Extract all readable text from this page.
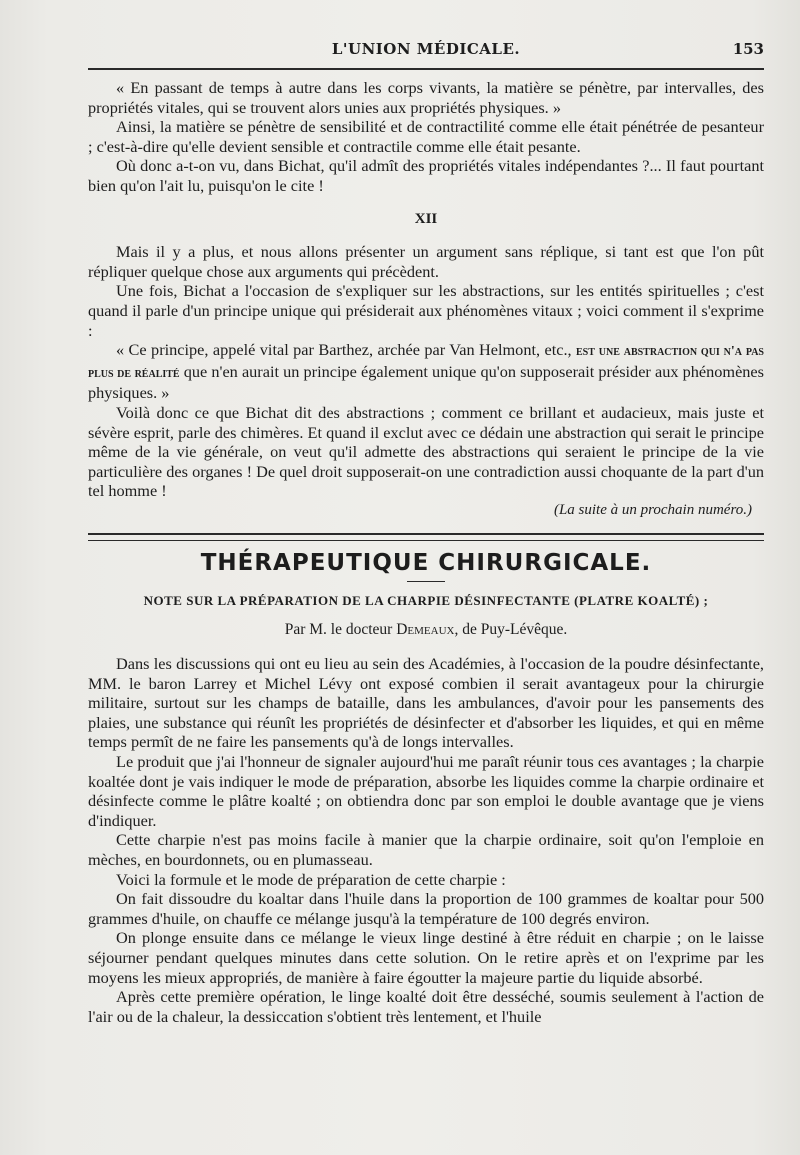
L'UNION MÉDICALE.	153

« En passant de temps à autre dans les corps vivants, la matière se pénètre, par intervalles, des propriétés vitales, qui se trouvent alors unies aux propriétés physiques. »

Ainsi, la matière se pénètre de sensibilité et de contractilité comme elle était pénétrée de pesanteur ; c'est-à-dire qu'elle devient sensible et contractile comme elle était pesante.

Où donc a-t-on vu, dans Bichat, qu'il admît des propriétés vitales indépendantes ?... Il faut pourtant bien qu'on l'ait lu, puisqu'on le cite !

XII

Mais il y a plus, et nous allons présenter un argument sans réplique, si tant est que l'on pût répliquer quelque chose aux arguments qui précèdent.

Une fois, Bichat a l'occasion de s'expliquer sur les abstractions, sur les entités spirituelles ; c'est quand il parle d'un principe unique qui présiderait aux phénomènes vitaux ; voici comment il s'exprime :

« Ce principe, appelé vital par Barthez, archée par Van Helmont, etc., est une abstraction qui n'a pas plus de réalité que n'en aurait un principe également unique qu'on supposerait présider aux phénomènes physiques. »

Voilà donc ce que Bichat dit des abstractions ; comment ce brillant et audacieux, mais juste et sévère esprit, parle des chimères. Et quand il exclut avec ce dédain une abstraction qui serait le principe même de la vie générale, on veut qu'il admette des abstractions qui seraient le principe de la vie particulière des organes ! De quel droit supposerait-on une contradiction aussi choquante de la part d'un tel homme !

(La suite à un prochain numéro.)

THÉRAPEUTIQUE CHIRURGICALE.
NOTE SUR LA PRÉPARATION DE LA CHARPIE DÉSINFECTANTE (PLATRE KOALTÉ) ;
Par M. le docteur Demeaux, de Puy-Lévêque.

Dans les discussions qui ont eu lieu au sein des Académies, à l'occasion de la poudre désinfectante, MM. le baron Larrey et Michel Lévy ont exposé combien il serait avantageux pour la chirurgie militaire, surtout sur les champs de bataille, dans les ambulances, d'avoir pour les pansements des plaies, une substance qui réunît les propriétés de désinfecter et d'absorber les liquides, et qui en même temps permît de ne faire les pansements qu'à de longs intervalles.

Le produit que j'ai l'honneur de signaler aujourd'hui me paraît réunir tous ces avantages ; la charpie koaltée dont je vais indiquer le mode de préparation, absorbe les liquides comme la charpie ordinaire et désinfecte comme le plâtre koalté ; on obtiendra donc par son emploi le double avantage que je viens d'indiquer.

Cette charpie n'est pas moins facile à manier que la charpie ordinaire, soit qu'on l'emploie en mèches, en bourdonnets, ou en plumasseau.

Voici la formule et le mode de préparation de cette charpie :

On fait dissoudre du koaltar dans l'huile dans la proportion de 100 grammes de koaltar pour 500 grammes d'huile, on chauffe ce mélange jusqu'à la température de 100 degrés environ.

On plonge ensuite dans ce mélange le vieux linge destiné à être réduit en charpie ; on le laisse séjourner pendant quelques minutes dans cette solution. On le retire après et on l'exprime par les moyens les mieux appropriés, de manière à faire égoutter la majeure partie du liquide absorbé.

Après cette première opération, le linge koalté doit être desséché, soumis seulement à l'action de l'air ou de la chaleur, la dessiccation s'obtient très lentement, et l'huile
